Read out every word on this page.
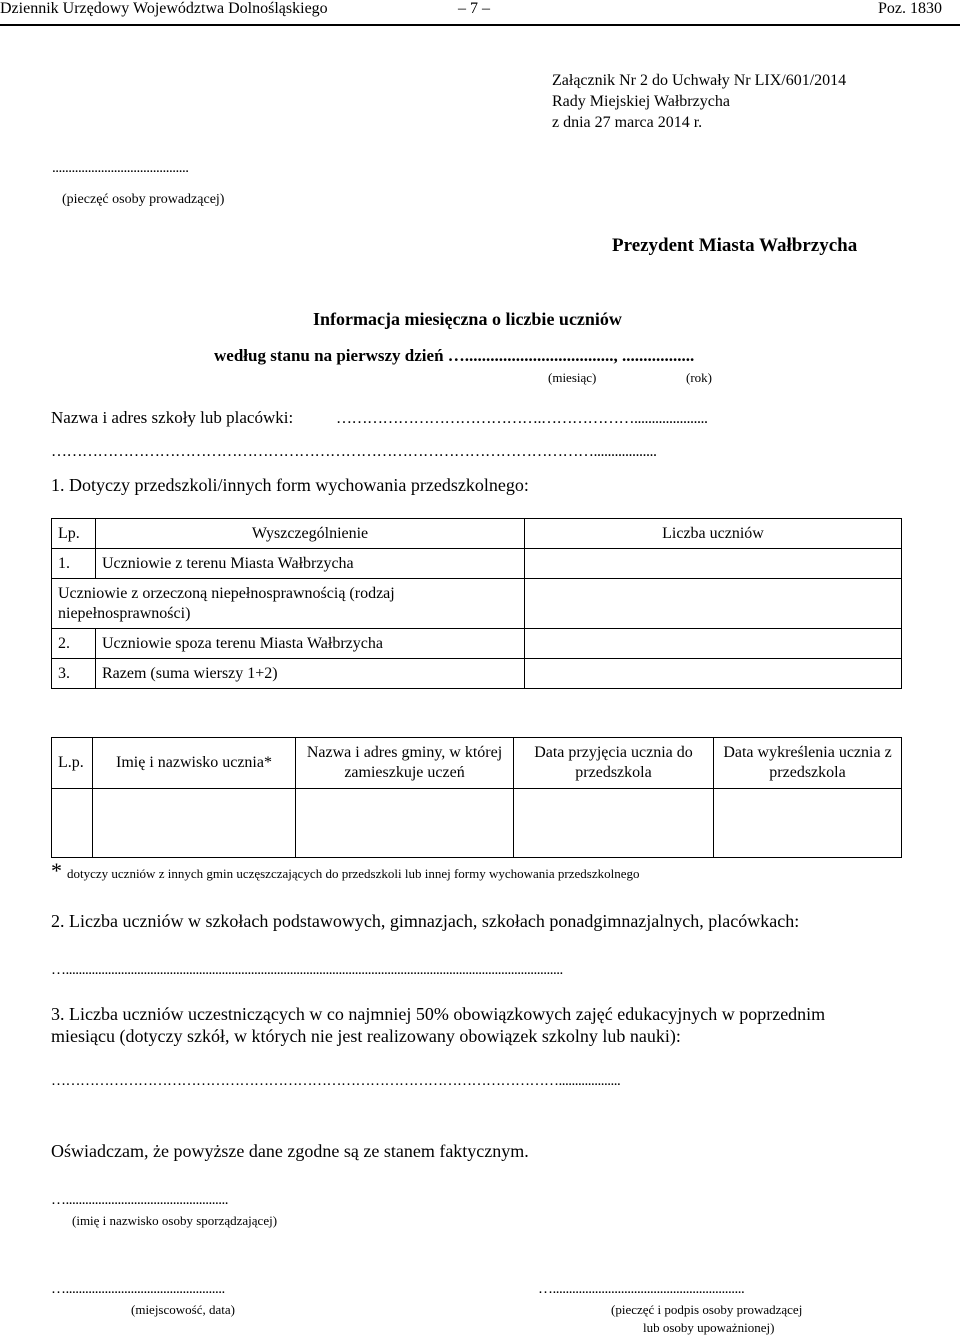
Dziennik Urzędowy Województwa Dolnośląskiego	– 7 –	Poz. 1830
Załącznik Nr 2 do Uchwały Nr LIX/601/2014
Rady Miejskiej Wałbrzycha
z dnia 27 marca 2014 r.
..........................................
(pieczęć osoby prowadzącej)
Prezydent Miasta Wałbrzycha
Informacja miesięczna o liczbie uczniów
według stanu na pierwszy dzień …..................................., .................
(miesiąc)	(rok)
Nazwa i adres szkoły lub placówki:	………………………………….……………….....................
……………………………………………………………………………………………..................
1. Dotyczy przedszkoli/innych form wychowania przedszkolnego:
Lp.	Wyszczególnienie	Liczba uczniów
1.	Uczniowie z terenu Miasta Wałbrzycha	
Uczniowie z orzeczoną niepełnosprawnością (rodzaj niepełnosprawności)		
2.	Uczniowie spoza terenu Miasta Wałbrzycha	
3.	Razem (suma wierszy 1+2)	
L.p.	Imię i nazwisko ucznia*	Nazwa i adres gminy, w której zamieszkuje uczeń	Data przyjęcia ucznia do przedszkola	Data wykreślenia ucznia z przedszkola

* dotyczy uczniów z innych gmin uczęszczających do przedszkoli lub innej formy wychowania przedszkolnego
2. Liczba uczniów w szkołach podstawowych, gimnazjach, szkołach ponadgimnazjalnych, placówkach:
….........................................................................................................................................................
3. Liczba uczniów uczestniczących w co najmniej 50% obowiązkowych zajęć edukacyjnych w poprzednim
miesiącu (dotyczy szkół, w których nie jest realizowany obowiązek szkolny lub nauki):
……………………………………………………………………………………………...................
Oświadczam, że powyższe dane zgodne są ze stanem faktycznym.
…..................................................
(imię i nazwisko osoby sporządzającej)
….................................................
(miejscowość, data)
…...........................................................
(pieczęć i podpis osoby prowadzącej
lub osoby upoważnionej)
